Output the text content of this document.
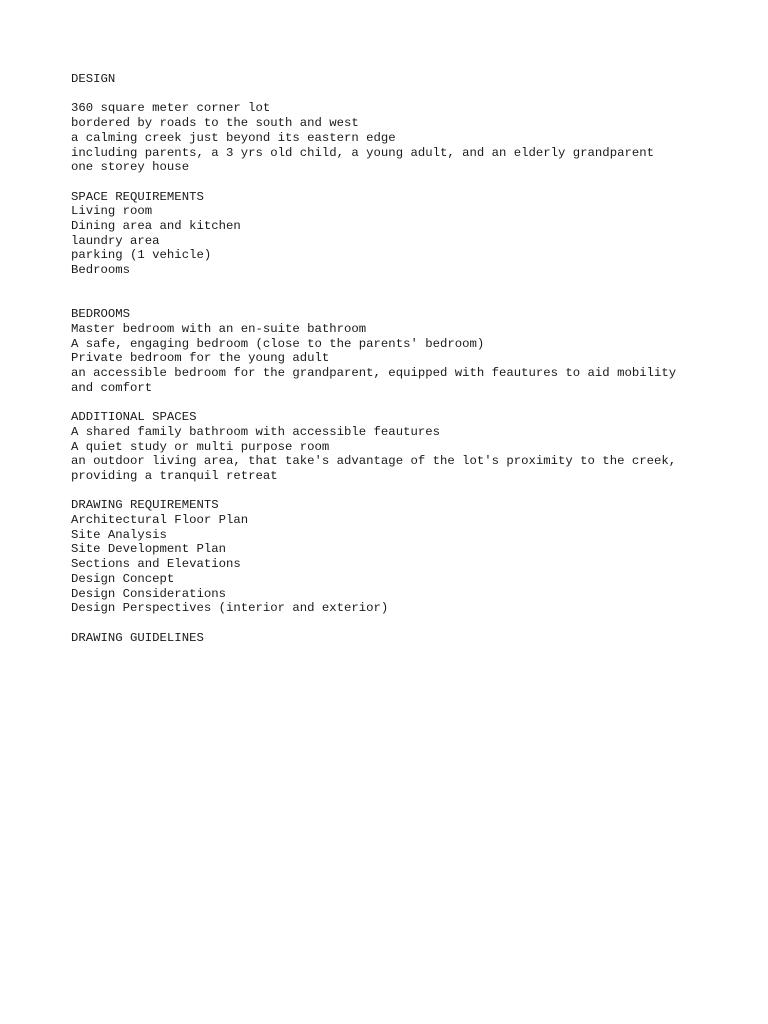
DESIGN
360 square meter corner lot
bordered by roads to the south and west
a calming creek just beyond its eastern edge
including parents, a 3 yrs old child, a young adult, and an elderly grandparent
one storey house
SPACE REQUIREMENTS
Living room
Dining area and kitchen
laundry area
parking (1 vehicle)
Bedrooms
BEDROOMS
Master bedroom with an en-suite bathroom
A safe, engaging bedroom (close to the parents' bedroom)
Private bedroom for the young adult
an accessible bedroom for the grandparent, equipped with feautures to aid mobility
and comfort
ADDITIONAL SPACES
A shared family bathroom with accessible feautures
A quiet study or multi purpose room
an outdoor living area, that take's advantage of the lot's proximity to the creek,
providing a tranquil retreat
DRAWING REQUIREMENTS
Architectural Floor Plan
Site Analysis
Site Development Plan
Sections and Elevations
Design Concept
Design Considerations
Design Perspectives (interior and exterior)
DRAWING GUIDELINES
